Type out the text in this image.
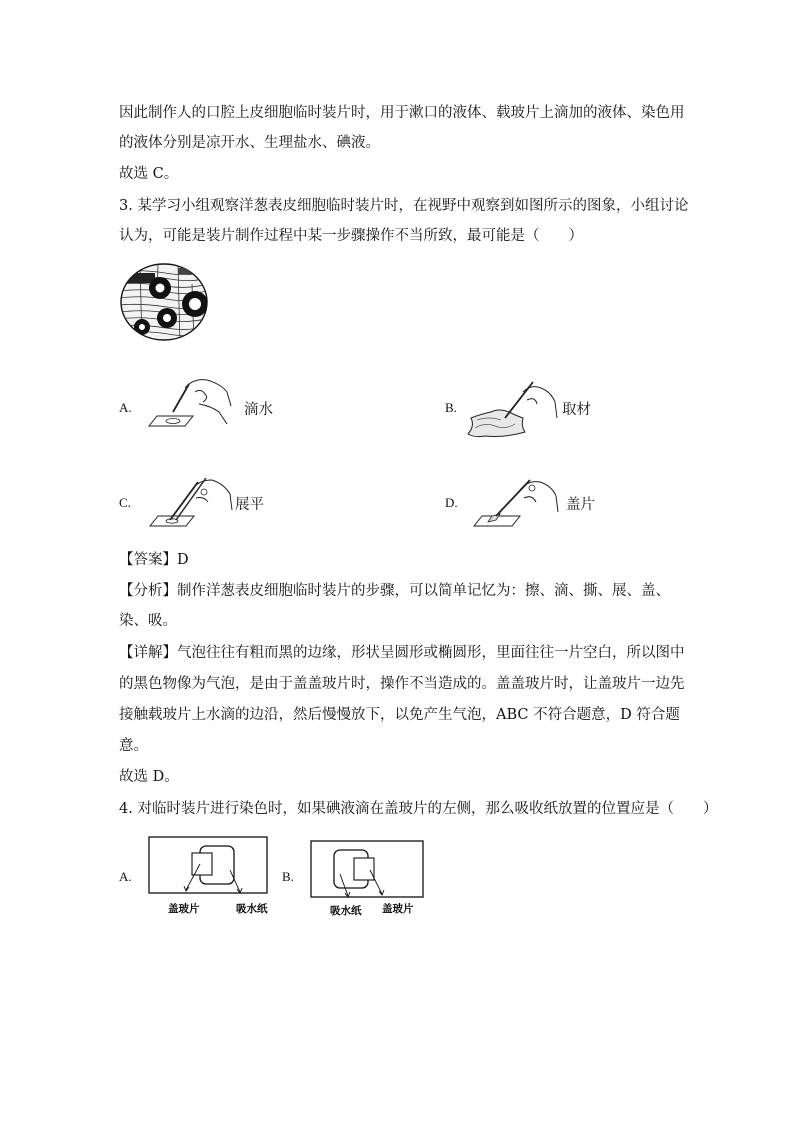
因此制作人的口腔上皮细胞临时装片时，用于漱口的液体、载玻片上滴加的液体、染色用
的液体分别是凉开水、生理盐水、碘液。
故选 C。
3. 某学习小组观察洋葱表皮细胞临时装片时，在视野中观察到如图所示的图象，小组讨论
认为，可能是装片制作过程中某一步骤操作不当所致，最可能是（　　）
A.	滴水	B.	取材
C.	展平	D.	盖片
【答案】D
【分析】制作洋葱表皮细胞临时装片的步骤，可以简单记忆为：擦、滴、撕、展、盖、
染、吸。
【详解】气泡往往有粗而黑的边缘，形状呈圆形或椭圆形，里面往往一片空白，所以图中
的黑色物像为气泡，是由于盖盖玻片时，操作不当造成的。盖盖玻片时，让盖玻片一边先
接触载玻片上水滴的边沿，然后慢慢放下，以免产生气泡，ABC 不符合题意，D 符合题
意。
故选 D。
4. 对临时装片进行染色时，如果碘液滴在盖玻片的左侧，那么吸收纸放置的位置应是（　　）
A.
盖玻片	吸水纸
B.
吸水纸 盖玻片
